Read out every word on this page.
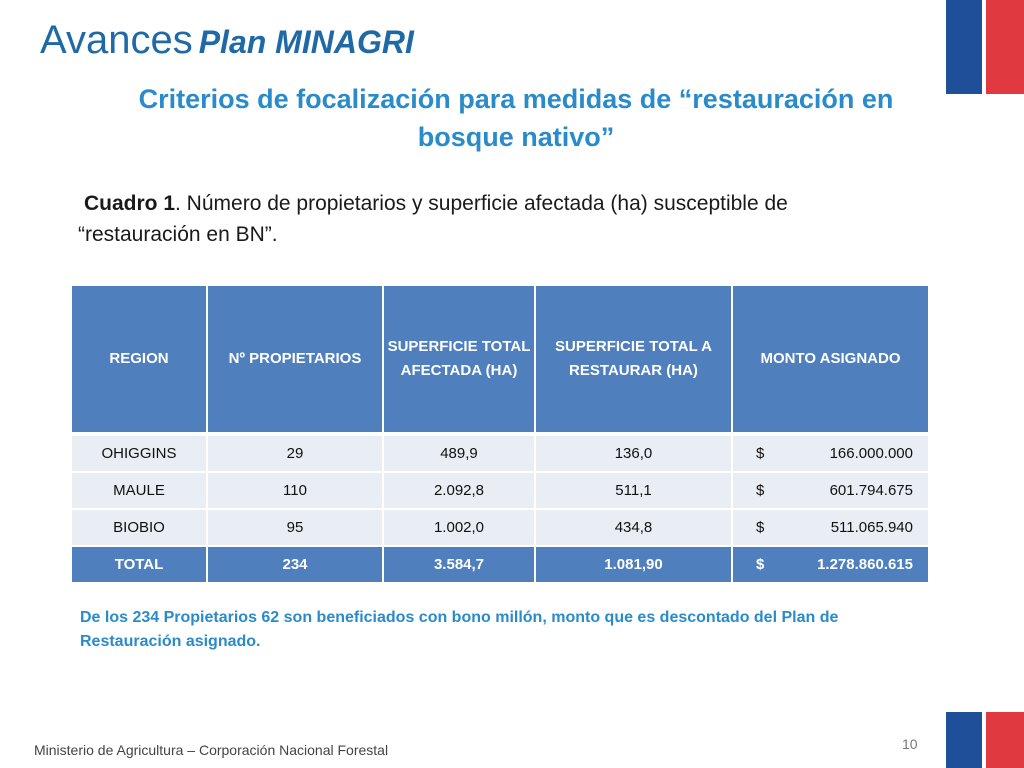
Avances Plan MINAGRI
Criterios de focalización para medidas de “restauración en bosque nativo”
Cuadro 1. Número de propietarios y superficie afectada (ha) susceptible de “restauración en BN”.
REGION	Nº PROPIETARIOS	SUPERFICIE TOTAL AFECTADA (HA)	SUPERFICIE TOTAL A RESTAURAR (HA)	MONTO ASIGNADO
OHIGGINS	29	489,9	136,0	$ 166.000.000

MAULE	110	2.092,8	511,1	$ 601.794.675

BIOBIO	95	1.002,0	434,8	$ 511.065.940

TOTAL	234	3.584,7	1.081,90	$ 1.278.860.615
De los 234 Propietarios 62 son beneficiados con bono millón, monto que es descontado del Plan de Restauración asignado.
Ministerio de Agricultura – Corporación Nacional Forestal	10
